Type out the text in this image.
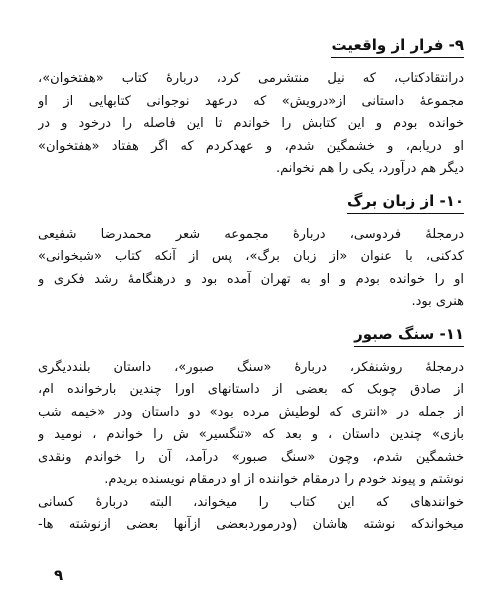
۹- فرار از واقعیت
درانتقادکتاب، که نیل منتشرمی کرد، دربارهٔ کتاب «هفتخوان»،
مجموعهٔ داستانی از«درویش» که درعهد نوجوانی کتابهایی از او
خوانده بودم و این کتابش را خواندم تا این فاصله را درخود و در
او دریابم، و خشمگین شدم، و عهدکردم که اگر هفتاد «هفتخوان»
دیگر هم درآورد، یکی را هم نخوانم.
۱۰- از زبان برگ
درمجلهٔ فردوسی، دربارهٔ مجموعه شعر محمدرضا شفیعی
کدکنی، با عنوان «از زبان برگ»، پس از آنکه کتاب «شبخوانی»
او را خوانده بودم و او به تهران آمده بود و درهنگامهٔ رشد فکری و
هنری بود.
۱۱- سنگ صبور
درمجلهٔ روشنفکر، دربارهٔ «سنگ صبور»، داستان بلنددیگری
از صادق چوبک که بعضی از داستانهای اورا چندین بارخوانده ام،
از جمله در «انتری که لوطیش مرده بود» دو داستان ودر «خیمه شب
بازی» چندین داستان ، و بعد که «تنگسیر» ش را خواندم ، نومید و
خشمگین شدم، وچون «سنگ صبور» درآمد، آن را خواندم ونقدی
نوشتم و پیوند خودم را درمقام خواننده از او درمقام نویسنده بریدم.
خوانندهای که این کتاب را میخواند، البته دربارهٔ کسانی
میخواندکه نوشته هاشان (ودرموردبعضی ازآنها بعضی ازنوشته ها-
۹
